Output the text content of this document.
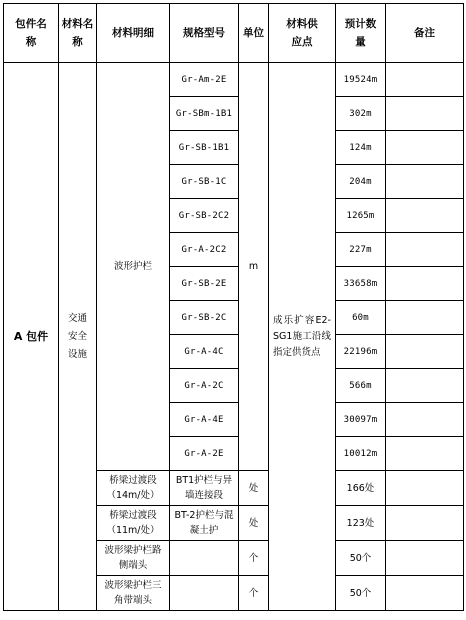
包件名称	材料名称	材料明细	规格型号	单位	材料供应点	预计数量	备注
A 包件	交通安全设施	波形护栏	Gr-Am-2E	m	成乐扩容E2-SG1施工沿线指定供货点	19524m	
			Gr-SBm-1B1			302m	
			Gr-SB-1B1			124m	
			Gr-SB-1C			204m	
			Gr-SB-2C2			1265m	
			Gr-A-2C2			227m	
			Gr-SB-2E			33658m	
			Gr-SB-2C			60m	
			Gr-A-4C			22196m	
			Gr-A-2C			566m	
			Gr-A-4E			30097m	
			Gr-A-2E			10012m	
		桥梁过渡段（14m/处）	BT1护栏与异墙连接段	处		166处	
		桥梁过渡段（11m/处）	BT-2护栏与混凝土护	处		123处	
		波形梁护栏路侧端头		个		50个	
		波形梁护栏三角带端头		个		50个	
